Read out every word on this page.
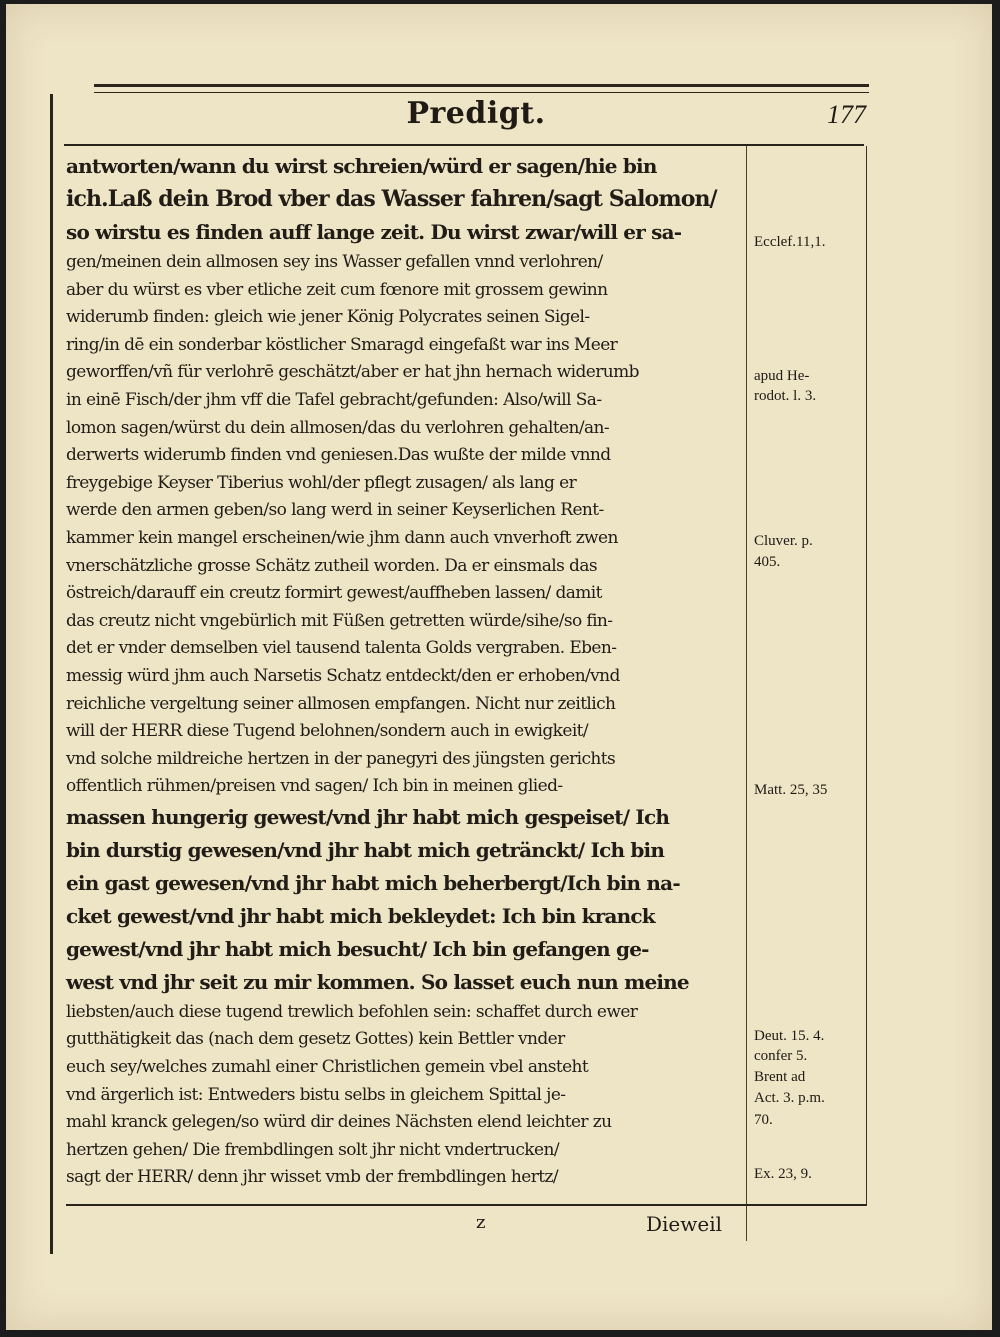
Predigt.	177
antworten/wann du wirst schreien/würd er sagen/hie bin
ich.Laß dein Brod vber das Wasser fahren/sagt Salomon/
so wirstu es finden auff lange zeit. Du wirst zwar/will er sa-
gen/meinen dein allmosen sey ins Wasser gefallen vnnd verlohren/
aber du würst es vber etliche zeit cum fœnore mit grossem gewinn
widerumb finden: gleich wie jener König Polycrates seinen Sigel-
ring/in dē ein sonderbar köstlicher Smaragd eingefaßt war ins Meer
geworffen/vñ für verlohrē geschätzt/aber er hat jhn hernach widerumb
in einē Fisch/der jhm vff die Tafel gebracht/gefunden: Also/will Sa-
lomon sagen/würst du dein allmosen/das du verlohren gehalten/an-
derwerts widerumb finden vnd geniesen.Das wußte der milde vnnd
freygebige Keyser Tiberius wohl/der pflegt zusagen/ als lang er
werde den armen geben/so lang werd in seiner Keyserlichen Rent-
kammer kein mangel erscheinen/wie jhm dann auch vnverhoft zwen
vnerschätzliche grosse Schätz zutheil worden. Da er einsmals das
östreich/darauff ein creutz formirt gewest/auffheben lassen/ damit
das creutz nicht vngebürlich mit Füßen getretten würde/sihe/so fin-
det er vnder demselben viel tausend talenta Golds vergraben. Eben-
messig würd jhm auch Narsetis Schatz entdeckt/den er erhoben/vnd
reichliche vergeltung seiner allmosen empfangen. Nicht nur zeitlich
will der HERR diese Tugend belohnen/sondern auch in ewigkeit/
vnd solche mildreiche hertzen in der panegyri des jüngsten gerichts
offentlich rühmen/preisen vnd sagen/ Ich bin in meinen glied-
massen hungerig gewest/vnd jhr habt mich gespeiset/ Ich
bin durstig gewesen/vnd jhr habt mich getränckt/ Ich bin
ein gast gewesen/vnd jhr habt mich beherbergt/Ich bin na-
cket gewest/vnd jhr habt mich bekleydet: Ich bin kranck
gewest/vnd jhr habt mich besucht/ Ich bin gefangen ge-
west vnd jhr seit zu mir kommen. So lasset euch nun meine
liebsten/auch diese tugend trewlich befohlen sein: schaffet durch ewer
gutthätigkeit das (nach dem gesetz Gottes) kein Bettler vnder
euch sey/welches zumahl einer Christlichen gemein vbel ansteht
vnd ärgerlich ist: Entweders bistu selbs in gleichem Spittal je-
mahl kranck gelegen/so würd dir deines Nächsten elend leichter zu
hertzen gehen/ Die frembdlingen solt jhr nicht vndertrucken/
sagt der HERR/ denn jhr wisset vmb der frembdlingen hertz/
Ecclef.11,1.
apud He-
rodot. l. 3.
Cluver. p.
405.
Matt. 25, 35
Deut. 15. 4.
confer 5.
Brent ad
Act. 3. p.m.
70.
Ex. 23, 9.
z	Dieweil
